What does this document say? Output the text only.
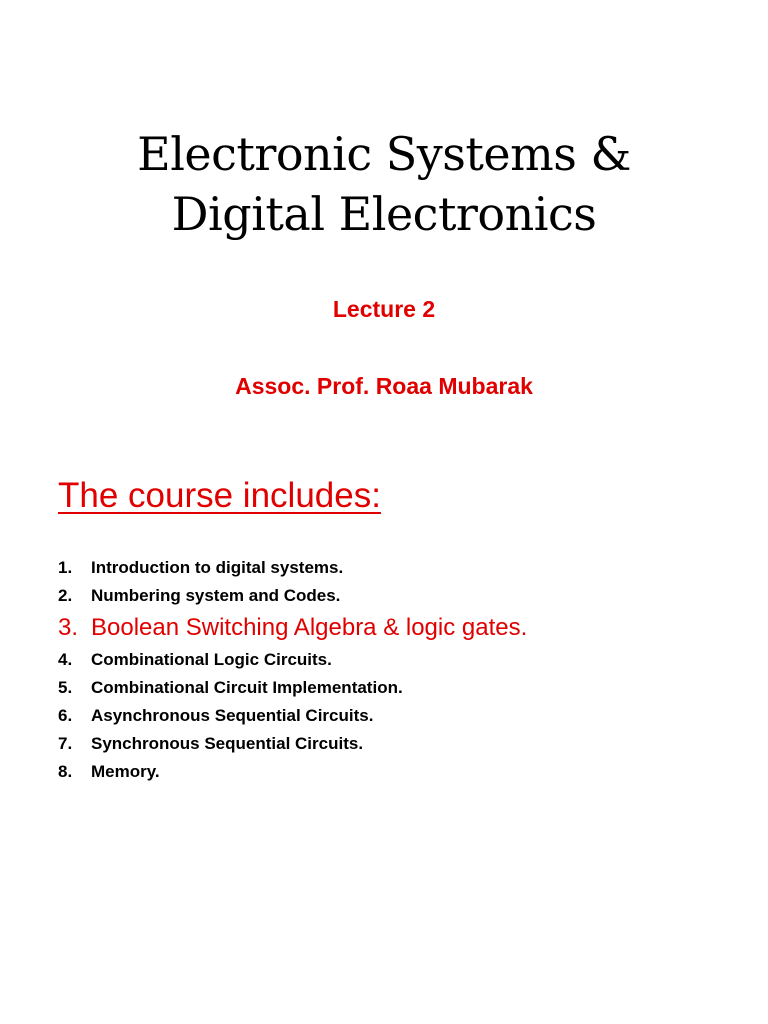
Electronic Systems &
Digital Electronics
Lecture 2
Assoc. Prof. Roaa Mubarak
The course includes:
1.	Introduction to digital systems.
2.	Numbering system and Codes.
3. Boolean Switching Algebra & logic gates.
4.	Combinational Logic Circuits.
5.	Combinational Circuit Implementation.
6.	Asynchronous Sequential Circuits.
7.	Synchronous Sequential Circuits.
8.	Memory.
